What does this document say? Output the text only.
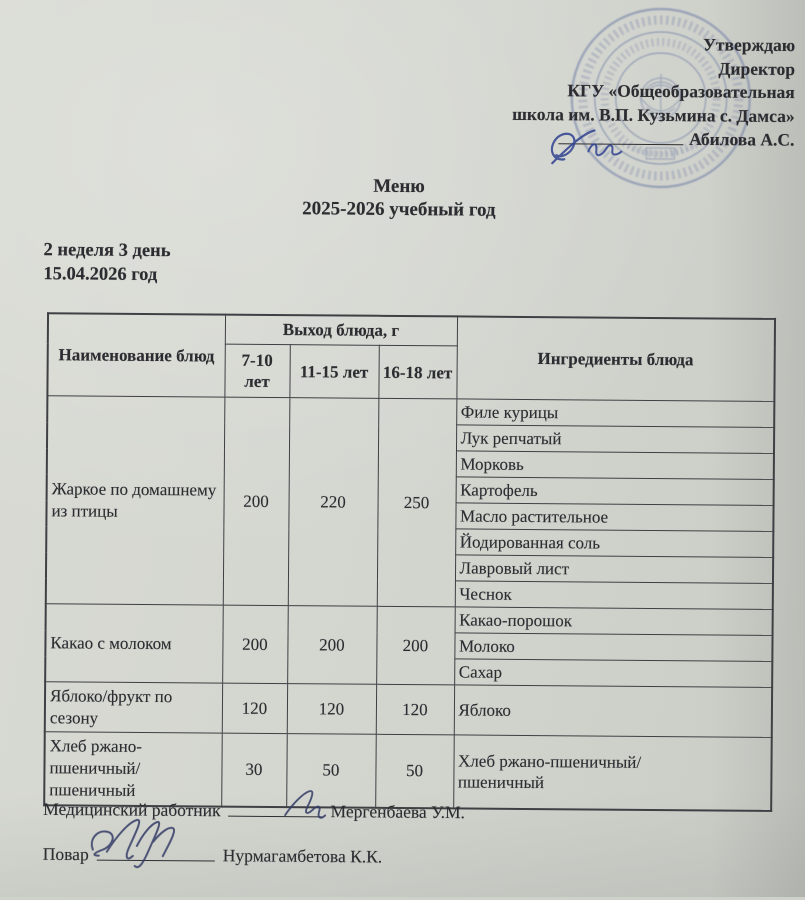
Утверждаю
Директор
КГУ «Общеобразовательная
школа им. В.П. Кузьмина с. Дамса»
Абилова А.С.
Меню
2025-2026 учебный год
2 неделя 3 день
15.04.2026 год
Наименование блюд	Выход блюда, г			Ингредиенты блюда
	7-10 лет	11-15 лет	16-18 лет	
Жаркое по домашнему из птицы	200	220	250	Филе курицы
				Лук репчатый
				Морковь
				Картофель
				Масло растительное
				Йодированная соль
				Лавровый лист
				Чеснок
Какао с молоком	200	200	200	Какао-порошок
				Молоко
				Сахар
Яблоко/фрукт по сезону	120	120	120	Яблоко
Хлеб ржано-
пшеничный/
пшеничный	30	50	50	Хлеб ржано-пшеничный/
пшеничный
Медицинский работник	Мергенбаева У.М.
Повар	Нурмагамбетова К.К.
